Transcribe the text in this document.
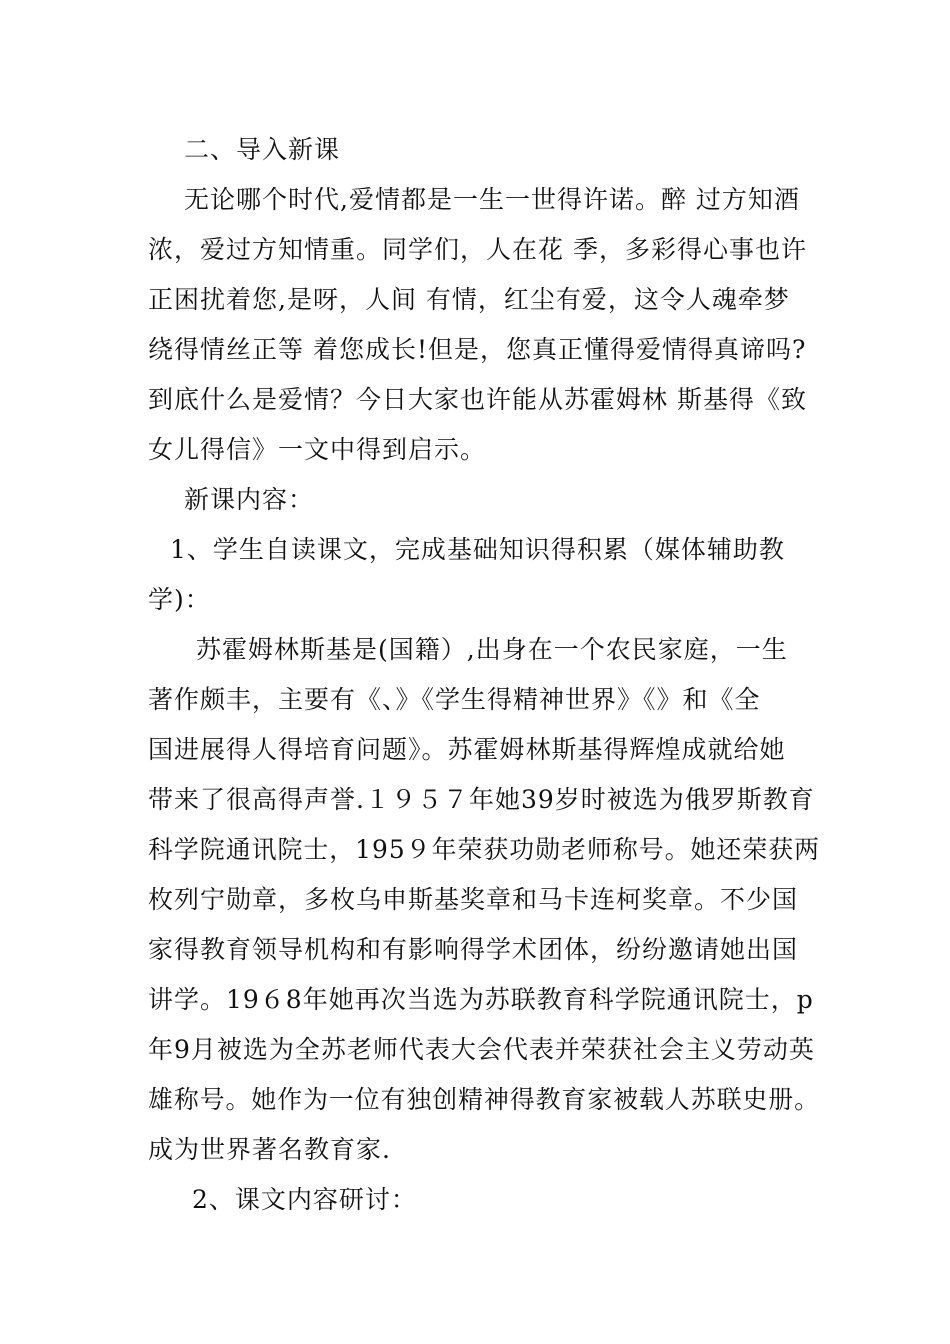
二、导入新课
无论哪个时代,爱情都是一生一世得许诺。醉 过方知酒
浓，爱过方知情重。同学们，人在花 季，多彩得心事也许
正困扰着您,是呀，人间 有情，红尘有爱，这令人魂牵梦
绕得情丝正等 着您成长!但是，您真正懂得爱情得真谛吗?
到底什么是爱情？今日大家也许能从苏霍姆林 斯基得《致
女儿得信》一文中得到启示。
新课内容：
1、学生自读课文，完成基础知识得积累（媒体辅助教
学)：
苏霍姆林斯基是(国籍）,出身在一个农民家庭，一生
著作颇丰，主要有《、》《学生得精神世界》《》和《全
国进展得人得培育问题》。苏霍姆林斯基得辉煌成就给她
带来了很高得声誉.１９５７年她39岁时被选为俄罗斯教育
科学院通讯院士，195９年荣获功勋老师称号。她还荣获两
枚列宁勋章，多枚乌申斯基奖章和马卡连柯奖章。不少国
家得教育领导机构和有影响得学术团体，纷纷邀请她出国
讲学。19６8年她再次当选为苏联教育科学院通讯院士，p
年9月被选为全苏老师代表大会代表并荣获社会主义劳动英
雄称号。她作为一位有独创精神得教育家被载人苏联史册。
成为世界著名教育家.
2、课文内容研讨：
